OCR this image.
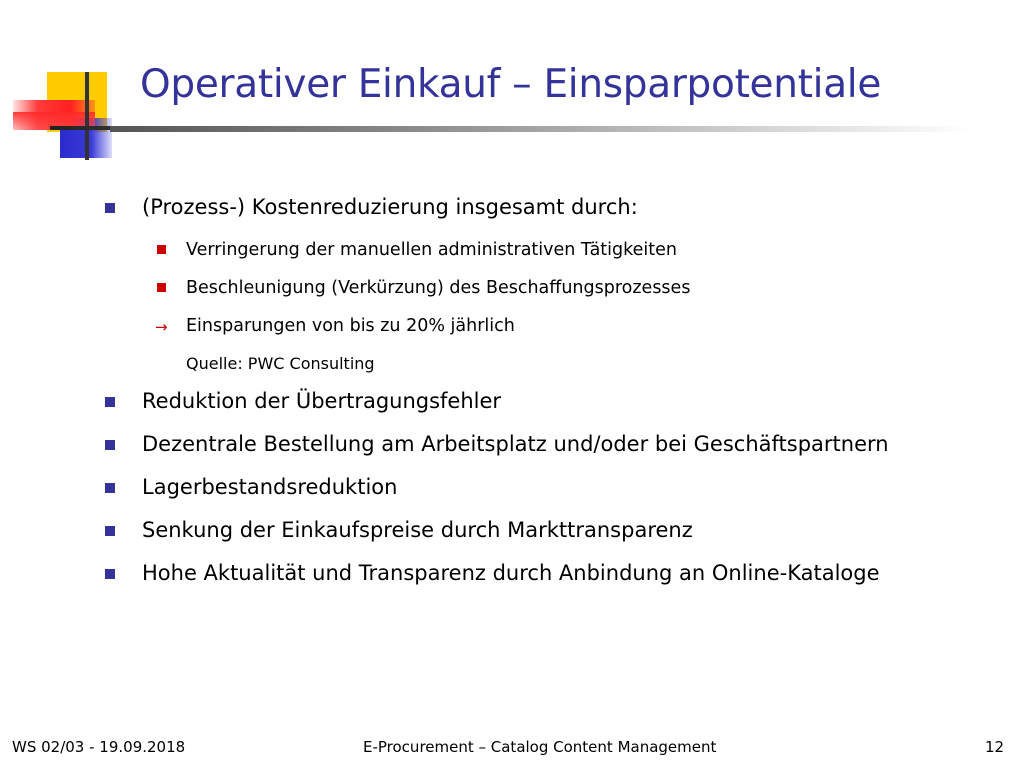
Operativer Einkauf – Einsparpotentiale
(Prozess-) Kostenreduzierung insgesamt durch:
Verringerung der manuellen administrativen Tätigkeiten
Beschleunigung (Verkürzung) des Beschaffungsprozesses
→ Einsparungen von bis zu 20% jährlich
Quelle: PWC Consulting
Reduktion der Übertragungsfehler
Dezentrale Bestellung am Arbeitsplatz und/oder bei Geschäftspartnern
Lagerbestandsreduktion
Senkung der Einkaufspreise durch Markttransparenz
Hohe Aktualität und Transparenz durch Anbindung an Online-Kataloge
WS 02/03 - 19.09.2018	E-Procurement – Catalog Content Management	12
